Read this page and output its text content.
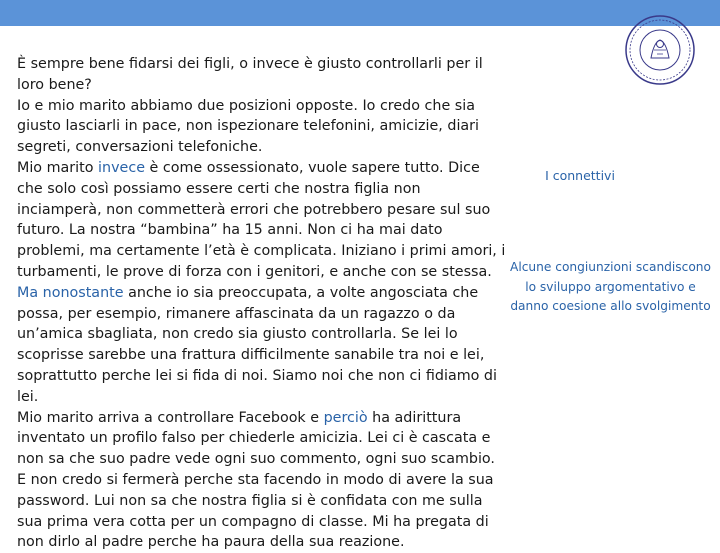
È sempre bene fidarsi dei figli, o invece è giusto controllarli per il loro bene?

Io e mio marito abbiamo due posizioni opposte. Io credo che sia giusto lasciarli in pace, non ispezionare telefonini, amicizie, diari segreti, conversazioni telefoniche.

Mio marito invece è come ossessionato, vuole sapere tutto. Dice che solo così possiamo essere certi che nostra figlia non inciamperà, non commetterà errori che potrebbero pesare sul suo futuro. La nostra “bambina” ha 15 anni. Non ci ha mai dato problemi, ma certamente l’età è complicata. Iniziano i primi amori, i turbamenti, le prove di forza con i genitori, e anche con se stessa. Ma nonostante anche io sia preoccupata, a volte angosciata che possa, per esempio, rimanere affascinata da un ragazzo o da un’amica sbagliata, non credo sia giusto controllarla. Se lei lo scoprisse sarebbe una frattura difficilmente sanabile tra noi e lei, soprattutto perche lei si fida di noi. Siamo noi che non ci fidiamo di lei.

Mio marito arriva a controllare Facebook e perciò ha adirittura inventato un profilo falso per chiederle amicizia. Lei ci è cascata e non sa che suo padre vede ogni suo commento, ogni suo scambio. E non credo si fermerà perche sta facendo in modo di avere la sua password. Lui non sa che nostra figlia si è confidata con me sulla sua prima vera cotta per un compagno di classe. Mi ha pregata di non dirlo al padre perche ha paura della sua reazione.

I connettivi
Alcune congiunzioni scandiscono lo sviluppo argomentativo e danno coesione allo svolgimento
